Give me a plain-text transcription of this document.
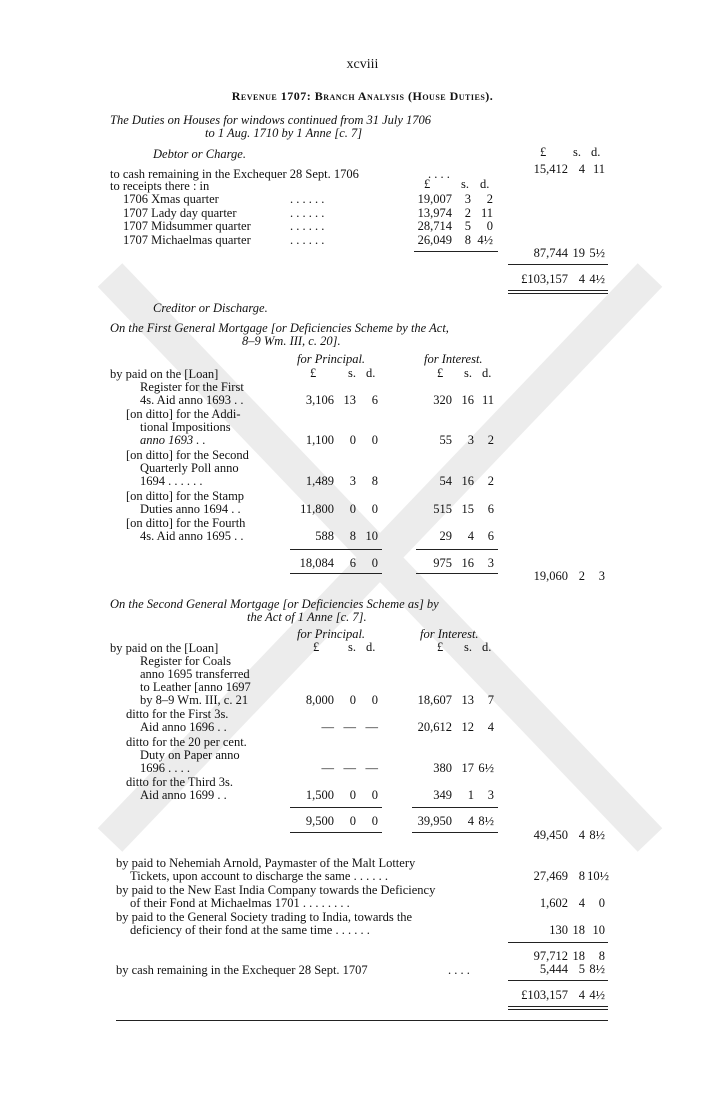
xcviii
Revenue 1707: Branch Analysis (House Duties).
The Duties on Houses for windows continued from 31 July 1706
to 1 Aug. 1710 by 1 Anne [c. 7]
Debtor or Charge.	£ s. d.
to cash remaining in the Exchequer 28 Sept. 1706	. . . .	15,412 4 11
to receipts there : in	£ s. d.
1706 Xmas quarter	. . . . . .	19,007	3	2
1707 Lady day quarter	. . . . . .	13,974	2 11
1707 Midsummer quarter	. . . . . .	28,714	5	0
1707 Michaelmas quarter	. . . . . .	26,049	8 4½
87,744 19 5½
£103,157 4 4½
Creditor or Discharge.
On the First General Mortgage [or Deficiencies Scheme by the Act,
8–9 Wm. III, c. 20].
for Principal.	for Interest.
£	s. d.	£ s. d.
by paid on the [Loan]
Register for the First
4s. Aid anno 1693 . .	3,106 13	6	320 16 11
[on ditto] for the Addi-
tional Impositions
anno 1693 . .	1,100	0	0	55	3	2
[on ditto] for the Second
Quarterly Poll anno
1694 . . . . . .	1,489	3	8	54 16	2
[on ditto] for the Stamp
Duties anno 1694 . .	11,800	0	0	515 15	6
[on ditto] for the Fourth
4s. Aid anno 1695 . .	588	8 10	29	4	6
18,084	6	0	975 16	3
19,060 2	3
On the Second General Mortgage [or Deficiencies Scheme as] by
the Act of 1 Anne [c. 7].
for Principal.	for Interest.
£ s. d.	£ s. d.
by paid on the [Loan]
Register for Coals
anno 1695 transferred
to Leather [anno 1697
by 8–9 Wm. III, c. 21	8,000	0	0	18,607 13	7
ditto for the First 3s.
Aid anno 1696 . .	— — —	20,612 12	4
ditto for the 20 per cent.
Duty on Paper anno
1696 . . . .	— — —	380 17 6½
ditto for the Third 3s.
Aid anno 1699 . .	1,500	0	0	349	1	3
9,500	0	0	39,950	4 8½
49,450 4 8½
by paid to Nehemiah Arnold, Paymaster of the Malt Lottery
Tickets, upon account to discharge the same . . . . . .	27,469 8 10½
by paid to the New East India Company towards the Deficiency
of their Fond at Michaelmas 1701 . . . . . . . .	1,602 4	0
by paid to the General Society trading to India, towards the
deficiency of their fond at the same time . . . . . .	130 18 10
97,712 18	8
by cash remaining in the Exchequer 28 Sept. 1707	. . . .	5,444 5 8½
£103,157 4 4½
